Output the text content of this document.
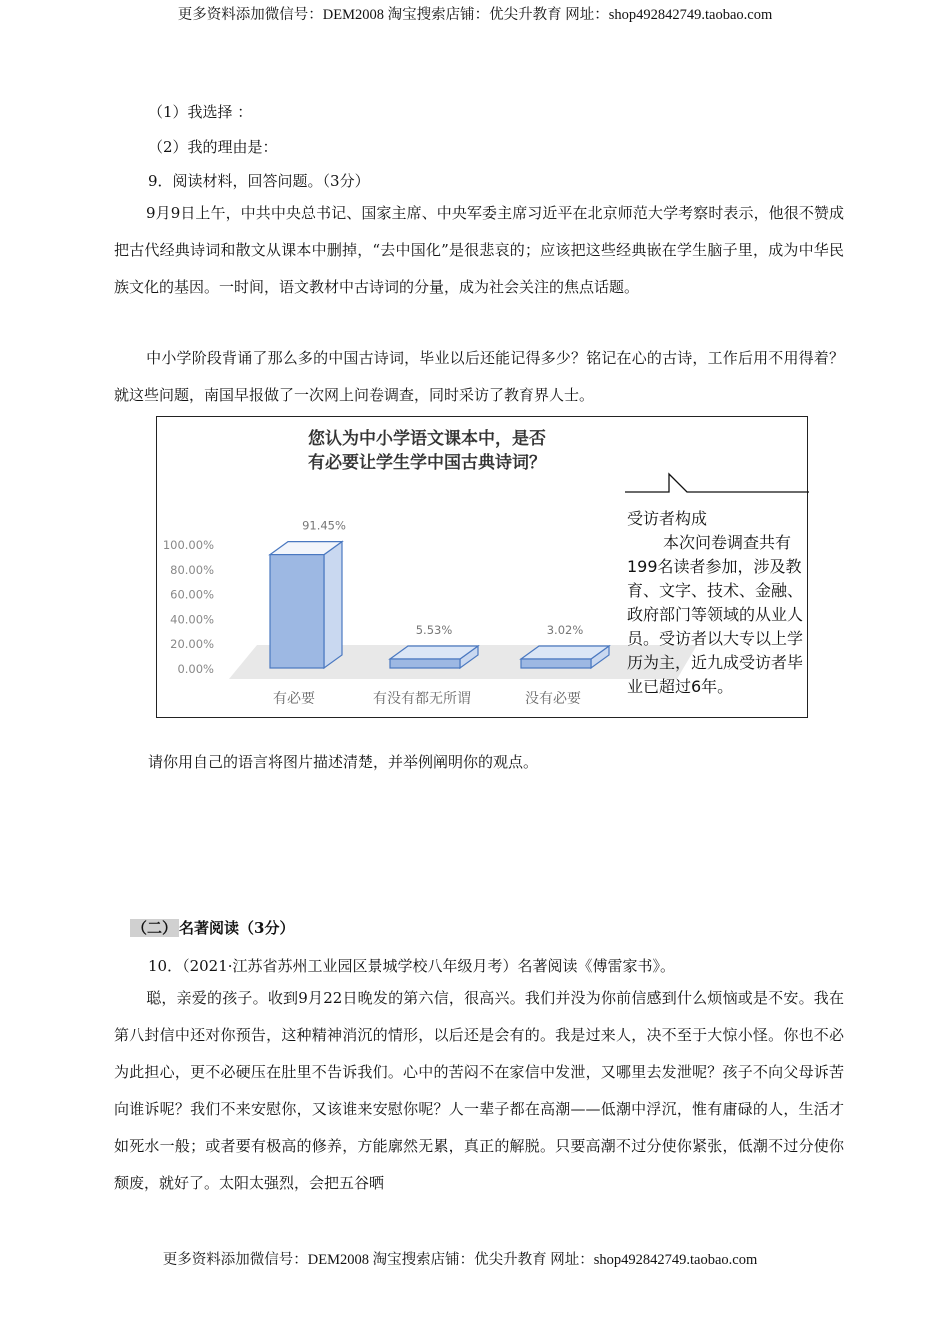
更多资料添加微信号：DEM2008 淘宝搜索店铺：优尖升教育 网址：shop492842749.taobao.com
（1）我选择 ：
（2）我的理由是：
9．阅读材料，回答问题。（3分）
9月9日上午，中共中央总书记、国家主席、中央军委主席习近平在北京师范大学考察时表示，他很不赞成把古代经典诗词和散文从课本中删掉，“去中国化”是很悲哀的；应该把这些经典嵌在学生脑子里，成为中华民族文化的基因。一时间，语文教材中古诗词的分量，成为社会关注的焦点话题。
中小学阶段背诵了那么多的中国古诗词，毕业以后还能记得多少？铭记在心的古诗，工作后用不用得着？就这些问题，南国早报做了一次网上问卷调查，同时采访了教育界人士。
0.00%
20.00%
40.00%
60.00%
80.00%
100.00%
91.45%
有必要
5.53%
有没有都无所谓
3.02%
没有必要
您认为中小学语文课本中，是否
有必要让学生学中国古典诗词？
受访者构成
本次问卷调查共有199名读者参加，涉及教育、文字、技术、金融、政府部门等领域的从业人员。受访者以大专以上学历为主，近九成受访者毕业已超过6年。
请你用自己的语言将图片描述清楚，并举例阐明你的观点。
（二） 名著阅读（3分）
10．（2021·江苏省苏州工业园区景城学校八年级月考）名著阅读《傅雷家书》。
聪，亲爱的孩子。收到9月22日晚发的第六信，很高兴。我们并没为你前信感到什么烦恼或是不安。我在第八封信中还对你预告，这种精神消沉的情形，以后还是会有的。我是过来人，决不至于大惊小怪。你也不必为此担心，更不必硬压在肚里不告诉我们。心中的苦闷不在家信中发泄，又哪里去发泄呢？孩子不向父母诉苦向谁诉呢？我们不来安慰你，又该谁来安慰你呢？人一辈子都在高潮——低潮中浮沉，惟有庸碌的人，生活才如死水一般；或者要有极高的修养，方能廓然无累，真正的解脱。只要高潮不过分使你紧张，低潮不过分使你颓废，就好了。太阳太强烈，会把五谷晒
更多资料添加微信号：DEM2008 淘宝搜索店铺：优尖升教育 网址：shop492842749.taobao.com
